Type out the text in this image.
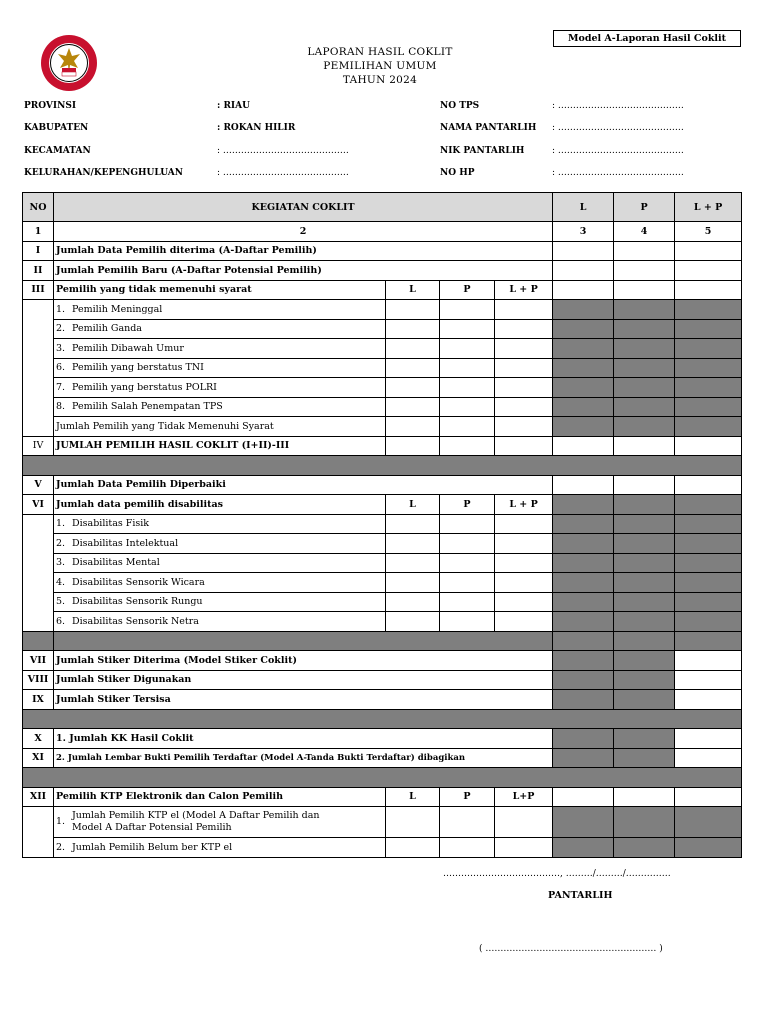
Model A-Laporan Hasil Coklit
LAPORAN HASIL COKLIT
PEMILIHAN UMUM
TAHUN 2024
PROVINSI	: RIAU
KABUPATEN	: ROKAN HILIR
KECAMATAN	: ……………………………………
KELURAHAN/KEPENGHULUAN	: ……………………………………
NO TPS	: ……………………………………
NAMA PANTARLIH : ……………………………………
NIK PANTARLIH	: ……………………………………
NO HP	: ……………………………………
NO	KEGIATAN COKLIT				L	P	L + P
1	2				3	4	5
I	Jumlah Data Pemilih diterima (A-Daftar Pemilih)						
II	Jumlah Pemilih Baru (A-Daftar Potensial Pemilih)						
III	Pemilih yang tidak memenuhi syarat	L	P	L + P			
	1. Pemilih Meninggal						
	2. Pemilih Ganda						
	3. Pemilih Dibawah Umur						
	6. Pemilih yang berstatus TNI						
	7. Pemilih yang berstatus POLRI						
	8. Pemilih Salah Penempatan TPS						
	Jumlah Pemilih yang Tidak Memenuhi Syarat						
IV	JUMLAH PEMILIH HASIL COKLIT (I+II)-III						

V	Jumlah Data Pemilih Diperbaiki						
VI	Jumlah data pemilih disabilitas	L	P	L + P			
	1. Disabilitas Fisik						
	2. Disabilitas Intelektual						
	3. Disabilitas Mental						
	4. Disabilitas Sensorik Wicara						
	5. Disabilitas Sensorik Rungu						
	6. Disabilitas Sensorik Netra						

VII	Jumlah Stiker Diterima (Model Stiker Coklit)						
VIII	Jumlah Stiker Digunakan						
IX	Jumlah Stiker Tersisa						

X	1. Jumlah KK Hasil Coklit						
XI	2. Jumlah Lembar Bukti Pemilih Terdaftar (Model A-Tanda Bukti Terdaftar) dibagikan						

XII	Pemilih KTP Elektronik dan Calon Pemilih	L	P	L+P			

	1.
Jumlah Pemilih KTP el (Model A Daftar Pemilih dan
Model A Daftar Potensial Pemilih						

	2. Jumlah Pemilih Belum ber KTP el						
…………………………………, ………/………/……………
PANTARLIH
( ………………………………………………… )
